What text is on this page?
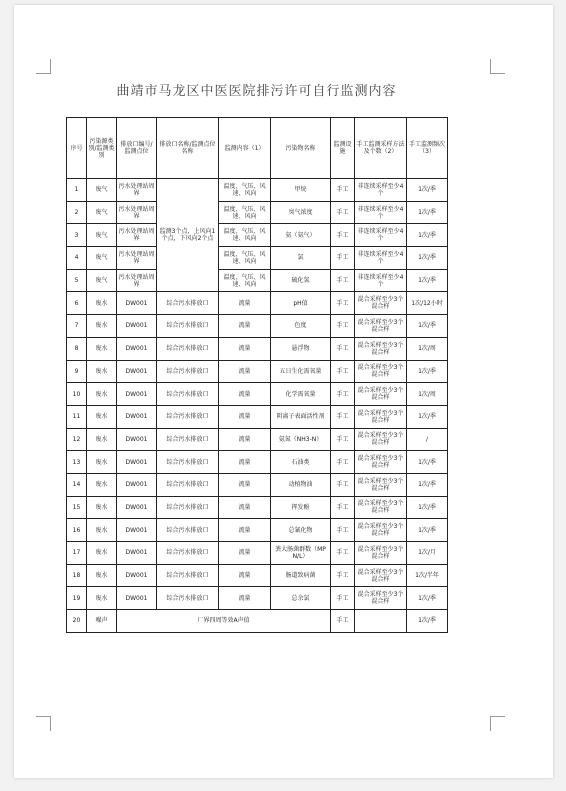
曲靖市马龙区中医医院排污许可自行监测内容
序号	污染源类别/监测类别	排放口编号/监测点位	排放口名称/监测点位名称	监测内容（1）	污染物名称	监测设施	手工监测采样方法及个数（2）	手工监测频次（3）
1	废气	污水处理站周界	监测3个点，上风向1个点，下风向2个点	温度、气压、风速、风向	甲烷	手工	非连续采样至少4个	1次/季
2	废气	污水处理站周界		温度、气压、风速、风向	臭气浓度	手工	非连续采样至少4个	1次/季
3	废气	污水处理站周界		温度、气压、风速、风向	氨（氨气）	手工	非连续采样至少4个	1次/季
4	废气	污水处理站周界		温度、气压、风速、风向	氯	手工	非连续采样至少4个	1次/季
5	废气	污水处理站周界		温度、气压、风速、风向	硫化氢	手工	非连续采样至少4个	1次/季
6	废水	DW001	综合污水排放口	流量	pH值	手工	混合采样至少3个混合样	1次/12小时
7	废水	DW001	综合污水排放口	流量	色度	手工	混合采样至少3个混合样	1次/季
8	废水	DW001	综合污水排放口	流量	悬浮物	手工	混合采样至少3个混合样	1次/周
9	废水	DW001	综合污水排放口	流量	五日生化需氧量	手工	混合采样至少3个混合样	1次/季
10	废水	DW001	综合污水排放口	流量	化学需氧量	手工	混合采样至少3个混合样	1次/周
11	废水	DW001	综合污水排放口	流量	阴离子表面活性剂	手工	混合采样至少3个混合样	1次/季
12	废水	DW001	综合污水排放口	流量	氨氮（NH3-N）	手工	混合采样至少3个混合样	/
13	废水	DW001	综合污水排放口	流量	石油类	手工	混合采样至少3个混合样	1次/季
14	废水	DW001	综合污水排放口	流量	动植物油	手工	混合采样至少3个混合样	1次/季
15	废水	DW001	综合污水排放口	流量	挥发酚	手工	混合采样至少3个混合样	1次/季
16	废水	DW001	综合污水排放口	流量	总氰化物	手工	混合采样至少3个混合样	1次/季
17	废水	DW001	综合污水排放口	流量	粪大肠菌群数（MPN/L）	手工	混合采样至少3个混合样	1次/月
18	废水	DW001	综合污水排放口	流量	肠道致病菌	手工	混合采样至少3个混合样	1次/半年
19	废水	DW001	综合污水排放口	流量	总余氯	手工	混合采样至少3个混合样	1次/季
20	噪声	厂界四周等效A声值				手工		1次/季
